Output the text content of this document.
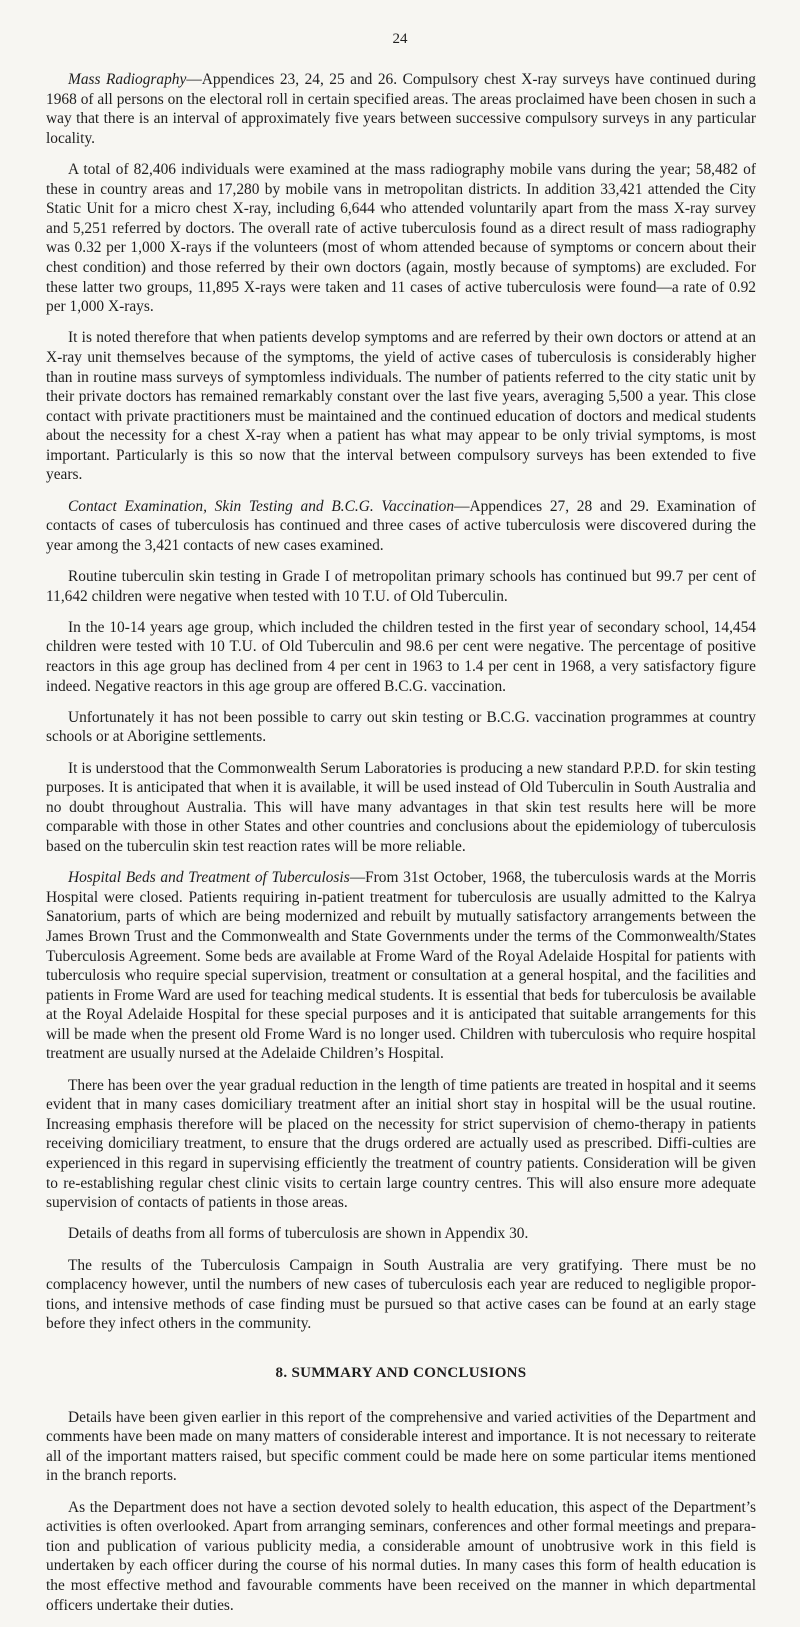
24

Mass Radiography—Appendices 23, 24, 25 and 26. Compulsory chest X-ray surveys have continued during 1968 of all persons on the electoral roll in certain specified areas. The areas proclaimed have been chosen in such a way that there is an interval of approximately five years between successive compulsory surveys in any particular locality.

A total of 82,406 individuals were examined at the mass radiography mobile vans during the year; 58,482 of these in country areas and 17,280 by mobile vans in metropolitan districts. In addition 33,421 attended the City Static Unit for a micro chest X-ray, including 6,644 who attended voluntarily apart from the mass X-ray survey and 5,251 referred by doctors. The overall rate of active tuberculosis found as a direct result of mass radiography was 0.32 per 1,000 X-rays if the volunteers (most of whom attended because of symptoms or concern about their chest condition) and those referred by their own doctors (again, mostly because of symptoms) are excluded. For these latter two groups, 11,895 X-rays were taken and 11 cases of active tuberculosis were found—a rate of 0.92 per 1,000 X-rays.

It is noted therefore that when patients develop symptoms and are referred by their own doctors or attend at an X-ray unit themselves because of the symptoms, the yield of active cases of tuberculosis is considerably higher than in routine mass surveys of symptomless individuals. The number of patients referred to the city static unit by their private doctors has remained remarkably constant over the last five years, averaging 5,500 a year. This close contact with private practitioners must be maintained and the continued education of doctors and medical students about the necessity for a chest X-ray when a patient has what may appear to be only trivial symptoms, is most important. Particularly is this so now that the interval between compulsory surveys has been extended to five years.

Contact Examination, Skin Testing and B.C.G. Vaccination—Appendices 27, 28 and 29. Examination of contacts of cases of tuberculosis has continued and three cases of active tuberculosis were discovered during the year among the 3,421 contacts of new cases examined.

Routine tuberculin skin testing in Grade I of metropolitan primary schools has continued but 99.7 per cent of 11,642 children were negative when tested with 10 T.U. of Old Tuberculin.

In the 10-14 years age group, which included the children tested in the first year of secondary school, 14,454 children were tested with 10 T.U. of Old Tuberculin and 98.6 per cent were negative. The percentage of positive reactors in this age group has declined from 4 per cent in 1963 to 1.4 per cent in 1968, a very satisfactory figure indeed. Negative reactors in this age group are offered B.C.G. vaccination.

Unfortunately it has not been possible to carry out skin testing or B.C.G. vaccination programmes at country schools or at Aborigine settlements.

It is understood that the Commonwealth Serum Laboratories is producing a new standard P.P.D. for skin testing purposes. It is anticipated that when it is available, it will be used instead of Old Tuberculin in South Australia and no doubt throughout Australia. This will have many advantages in that skin test results here will be more comparable with those in other States and other countries and conclusions about the epidemiology of tuberculosis based on the tuberculin skin test reaction rates will be more reliable.

Hospital Beds and Treatment of Tuberculosis—From 31st October, 1968, the tuberculosis wards at the Morris Hospital were closed. Patients requiring in-patient treatment for tuberculosis are usually admitted to the Kalrya Sanatorium, parts of which are being modernized and rebuilt by mutually satisfactory arrangements between the James Brown Trust and the Commonwealth and State Governments under the terms of the Commonwealth/States Tuberculosis Agreement. Some beds are available at Frome Ward of the Royal Adelaide Hospital for patients with tuberculosis who require special supervision, treatment or consultation at a general hospital, and the facilities and patients in Frome Ward are used for teaching medical students. It is essential that beds for tuberculosis be available at the Royal Adelaide Hospital for these special purposes and it is anticipated that suitable arrangements for this will be made when the present old Frome Ward is no longer used. Children with tuberculosis who require hospital treatment are usually nursed at the Adelaide Children’s Hospital.

There has been over the year gradual reduction in the length of time patients are treated in hospital and it seems evident that in many cases domiciliary treatment after an initial short stay in hospital will be the usual routine. Increasing emphasis therefore will be placed on the necessity for strict supervision of chemo-therapy in patients receiving domiciliary treatment, to ensure that the drugs ordered are actually used as prescribed. Diffi-culties are experienced in this regard in supervising efficiently the treatment of country patients. Consideration will be given to re-establishing regular chest clinic visits to certain large country centres. This will also ensure more adequate supervision of contacts of patients in those areas.

Details of deaths from all forms of tuberculosis are shown in Appendix 30.

The results of the Tuberculosis Campaign in South Australia are very gratifying. There must be no complacency however, until the numbers of new cases of tuberculosis each year are reduced to negligible propor-tions, and intensive methods of case finding must be pursued so that active cases can be found at an early stage before they infect others in the community.

8. SUMMARY AND CONCLUSIONS

Details have been given earlier in this report of the comprehensive and varied activities of the Department and comments have been made on many matters of considerable interest and importance. It is not necessary to reiterate all of the important matters raised, but specific comment could be made here on some particular items mentioned in the branch reports.

As the Department does not have a section devoted solely to health education, this aspect of the Department’s activities is often overlooked. Apart from arranging seminars, conferences and other formal meetings and prepara-tion and publication of various publicity media, a considerable amount of unobtrusive work in this field is undertaken by each officer during the course of his normal duties. In many cases this form of health education is the most effective method and favourable comments have been received on the manner in which departmental officers undertake their duties.
